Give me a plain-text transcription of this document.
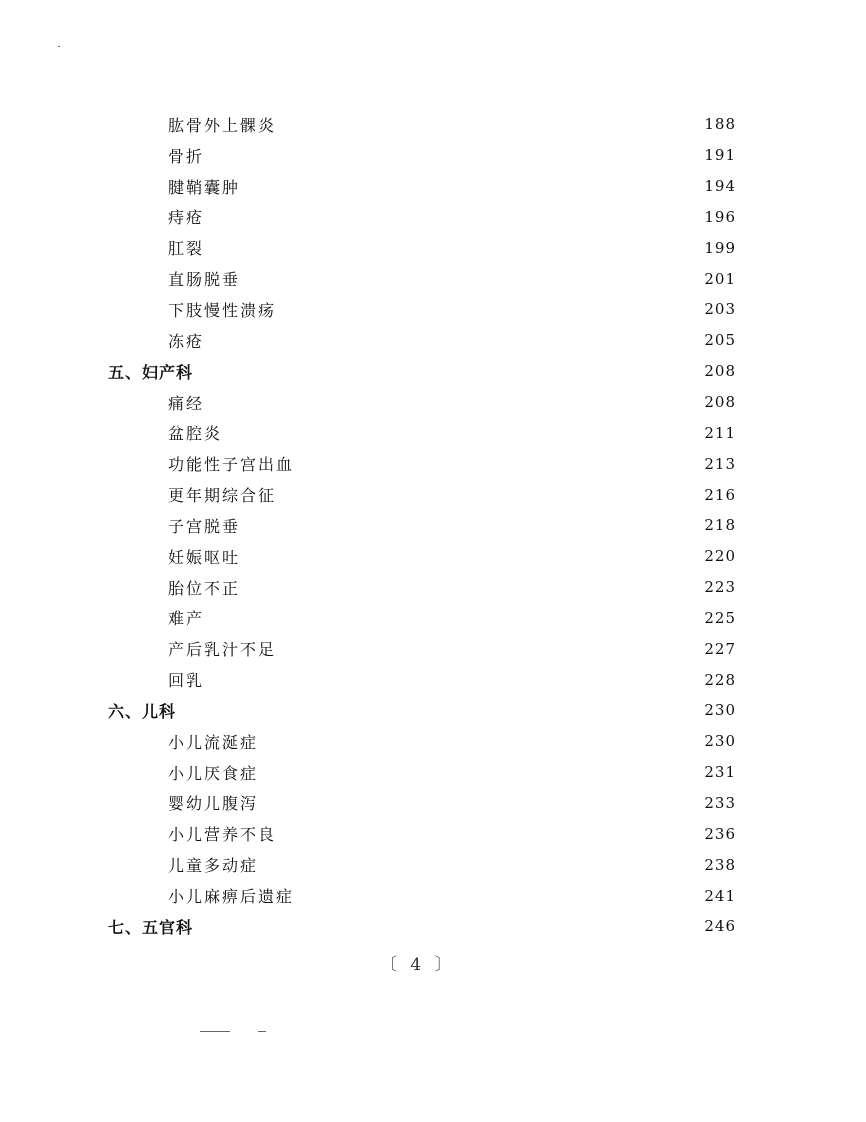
肱骨外上髁炎	188
骨折	191
腱鞘囊肿	194
痔疮	196
肛裂	199
直肠脱垂	201
下肢慢性溃疡	203
冻疮	205
五、妇产科	208
痛经	208
盆腔炎	211
功能性子宫出血	213
更年期综合征	216
子宫脱垂	218
妊娠呕吐	220
胎位不正	223
难产	225
产后乳汁不足	227
回乳	228
六、儿科	230
小儿流涎症	230
小儿厌食症	231
婴幼儿腹泻	233
小儿营养不良	236
儿童多动症	238
小儿麻痹后遗症	241
七、五官科	246
〔 4 〕
